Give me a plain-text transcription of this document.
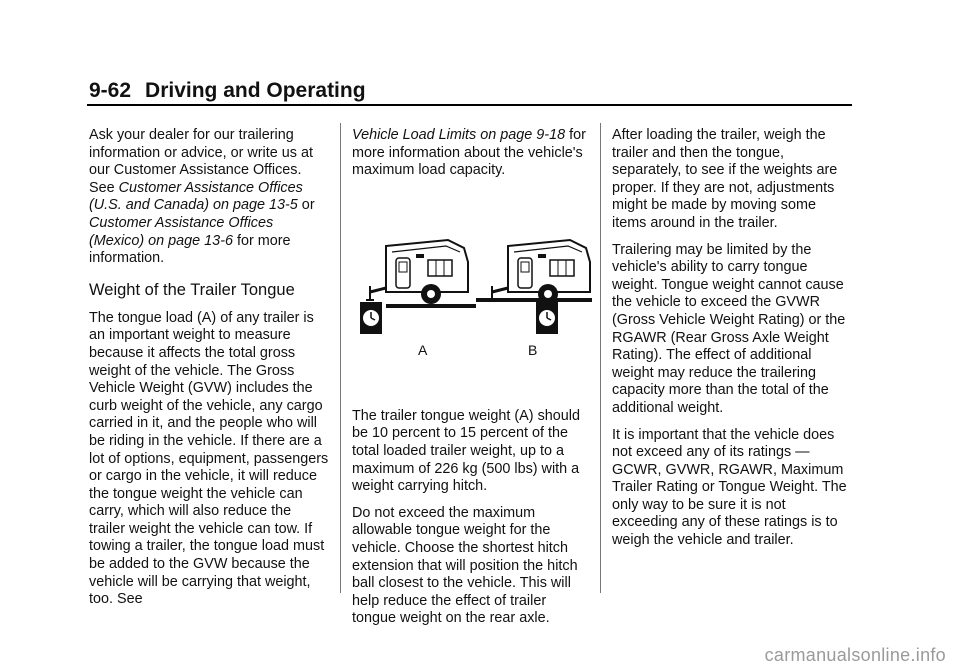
9-62 Driving and Operating

Ask your dealer for our trailering information or advice, or write us at our Customer Assistance Offices. See Customer Assistance Offices (U.S. and Canada) on page 13-5 or Customer Assistance Offices (Mexico) on page 13-6 for more information.

Weight of the Trailer Tongue

The tongue load (A) of any trailer is an important weight to measure because it affects the total gross weight of the vehicle. The Gross Vehicle Weight (GVW) includes the curb weight of the vehicle, any cargo carried in it, and the people who will be riding in the vehicle. If there are a lot of options, equipment, passengers or cargo in the vehicle, it will reduce the tongue weight the vehicle can carry, which will also reduce the trailer weight the vehicle can tow. If towing a trailer, the tongue load must be added to the GVW because the vehicle will be carrying that weight, too. See

Vehicle Load Limits on page 9-18 for more information about the vehicle's maximum load capacity.

A	B

The trailer tongue weight (A) should be 10 percent to 15 percent of the total loaded trailer weight, up to a maximum of 226 kg (500 lbs) with a weight carrying hitch.

Do not exceed the maximum allowable tongue weight for the vehicle. Choose the shortest hitch extension that will position the hitch ball closest to the vehicle. This will help reduce the effect of trailer tongue weight on the rear axle.

After loading the trailer, weigh the trailer and then the tongue, separately, to see if the weights are proper. If they are not, adjustments might be made by moving some items around in the trailer.

Trailering may be limited by the vehicle's ability to carry tongue weight. Tongue weight cannot cause the vehicle to exceed the GVWR (Gross Vehicle Weight Rating) or the RGAWR (Rear Gross Axle Weight Rating). The effect of additional weight may reduce the trailering capacity more than the total of the additional weight.

It is important that the vehicle does not exceed any of its ratings — GCWR, GVWR, RGAWR, Maximum Trailer Rating or Tongue Weight. The only way to be sure it is not exceeding any of these ratings is to weigh the vehicle and trailer.

carmanualsonline.info
